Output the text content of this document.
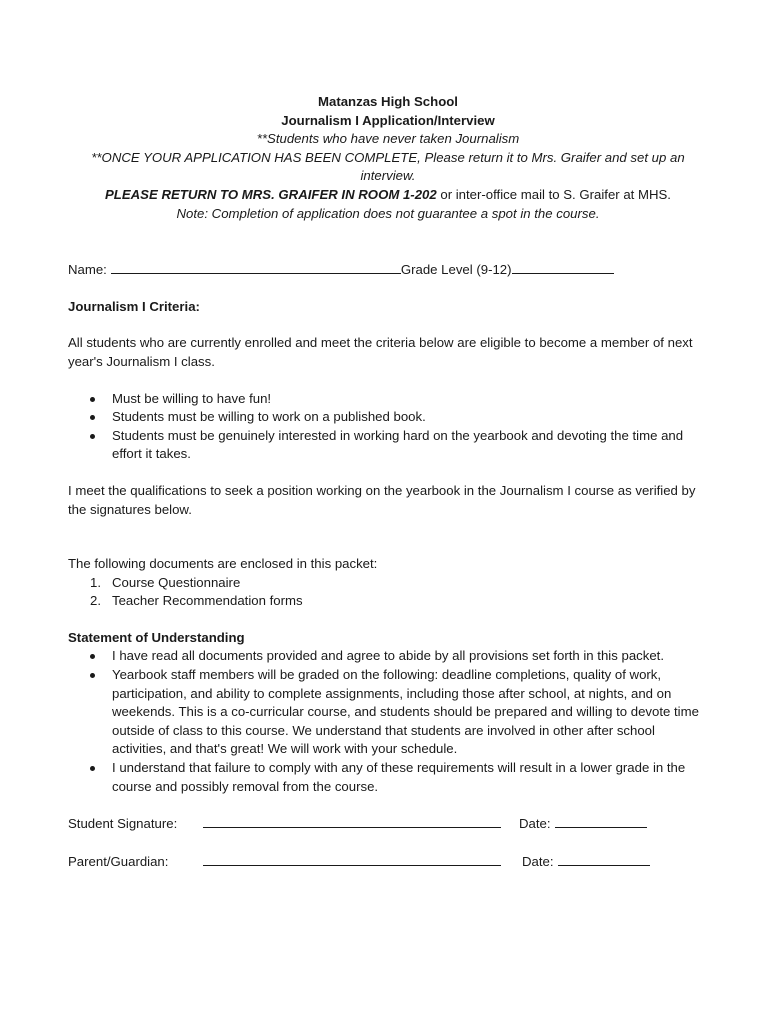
Matanzas High School
Journalism I Application/Interview
**Students who have never taken Journalism
**ONCE YOUR APPLICATION HAS BEEN COMPLETE, Please return it to Mrs. Graifer and set up an interview.
PLEASE RETURN TO MRS. GRAIFER IN ROOM 1-202 or inter-office mail to S. Graifer at MHS.
Note: Completion of application does not guarantee a spot in the course.
Name:	Grade Level (9-12)
Journalism I Criteria:

All students who are currently enrolled and meet the criteria below are eligible to become a member of next year's Journalism I class.

Must be willing to have fun!
Students must be willing to work on a published book.
Students must be genuinely interested in working hard on the yearbook and devoting the time and effort it takes.

I meet the qualifications to seek a position working on the yearbook in the Journalism I course as verified by the signatures below.

The following documents are enclosed in this packet:

1. Course Questionnaire
2. Teacher Recommendation forms
Statement of Understanding
I have read all documents provided and agree to abide by all provisions set forth in this packet.
Yearbook staff members will be graded on the following: deadline completions, quality of work, participation, and ability to complete assignments, including those after school, at nights, and on weekends. This is a co-curricular course, and students should be prepared and willing to devote time outside of class to this course. We understand that students are involved in other after school activities, and that's great! We will work with your schedule.
I understand that failure to comply with any of these requirements will result in a lower grade in the course and possibly removal from the course.
Student Signature:	Date:
Parent/Guardian:	Date:
